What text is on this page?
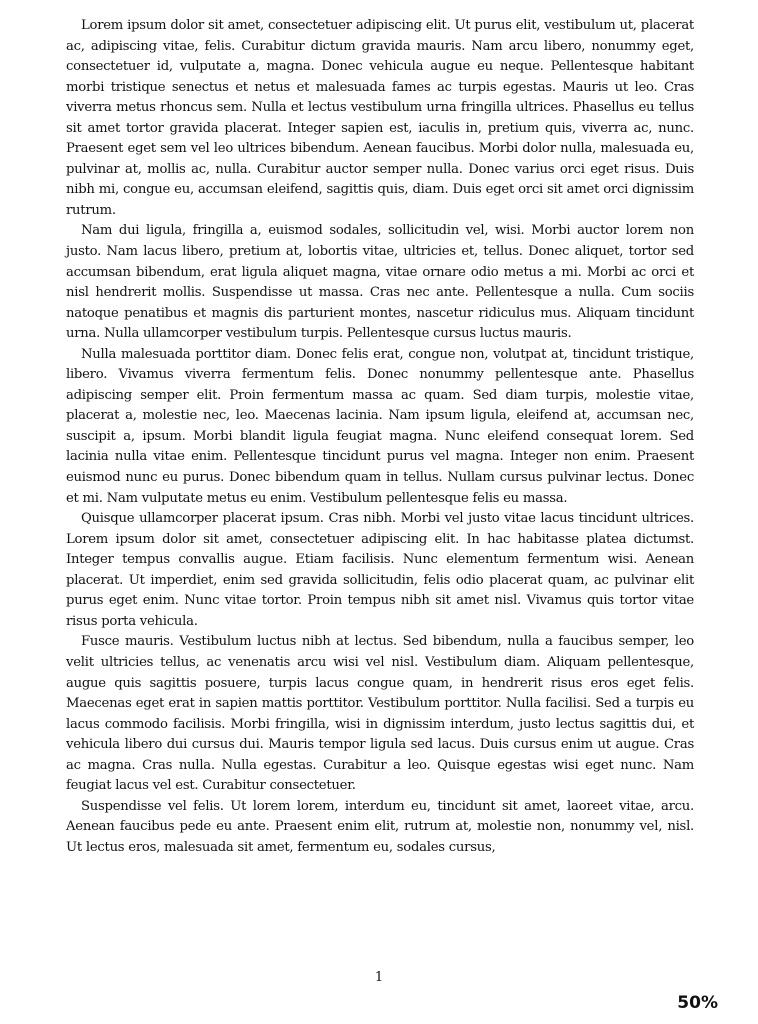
Lorem ipsum dolor sit amet, consectetuer adipiscing elit. Ut purus elit, vestibulum ut, placerat ac, adipiscing vitae, felis. Curabitur dictum gravida mauris. Nam arcu libero, nonummy eget, consectetuer id, vulputate a, magna. Donec vehicula augue eu neque. Pellentesque habitant morbi tristique senectus et netus et malesuada fames ac turpis egestas. Mauris ut leo. Cras viverra metus rhoncus sem. Nulla et lectus vestibulum urna fringilla ultrices. Phasellus eu tellus sit amet tortor gravida placerat. Integer sapien est, iaculis in, pretium quis, viverra ac, nunc. Praesent eget sem vel leo ultrices bibendum. Aenean faucibus. Morbi dolor nulla, malesuada eu, pulvinar at, mollis ac, nulla. Curabitur auctor semper nulla. Donec varius orci eget risus. Duis nibh mi, congue eu, accumsan eleifend, sagittis quis, diam. Duis eget orci sit amet orci dignissim rutrum.

Nam dui ligula, fringilla a, euismod sodales, sollicitudin vel, wisi. Morbi auctor lorem non justo. Nam lacus libero, pretium at, lobortis vitae, ultricies et, tellus. Donec aliquet, tortor sed accumsan bibendum, erat ligula aliquet magna, vitae ornare odio metus a mi. Morbi ac orci et nisl hendrerit mollis. Suspendisse ut massa. Cras nec ante. Pellentesque a nulla. Cum sociis natoque penatibus et magnis dis parturient montes, nascetur ridiculus mus. Aliquam tincidunt urna. Nulla ullamcorper vestibulum turpis. Pellentesque cursus luctus mauris.

Nulla malesuada porttitor diam. Donec felis erat, congue non, volutpat at, tincidunt tristique, libero. Vivamus viverra fermentum felis. Donec nonummy pellentesque ante. Phasellus adipiscing semper elit. Proin fermentum massa ac quam. Sed diam turpis, molestie vitae, placerat a, molestie nec, leo. Maecenas lacinia. Nam ipsum ligula, eleifend at, accumsan nec, suscipit a, ipsum. Morbi blandit ligula feugiat magna. Nunc eleifend consequat lorem. Sed lacinia nulla vitae enim. Pellentesque tincidunt purus vel magna. Integer non enim. Praesent euismod nunc eu purus. Donec bibendum quam in tellus. Nullam cursus pulvinar lectus. Donec et mi. Nam vulputate metus eu enim. Vestibulum pellentesque felis eu massa.

Quisque ullamcorper placerat ipsum. Cras nibh. Morbi vel justo vitae lacus tincidunt ultrices. Lorem ipsum dolor sit amet, consectetuer adipiscing elit. In hac habitasse platea dictumst. Integer tempus convallis augue. Etiam facilisis. Nunc elementum fermentum wisi. Aenean placerat. Ut imperdiet, enim sed gravida sollicitudin, felis odio placerat quam, ac pulvinar elit purus eget enim. Nunc vitae tortor. Proin tempus nibh sit amet nisl. Vivamus quis tortor vitae risus porta vehicula.

Fusce mauris. Vestibulum luctus nibh at lectus. Sed bibendum, nulla a faucibus semper, leo velit ultricies tellus, ac venenatis arcu wisi vel nisl. Vestibulum diam. Aliquam pellentesque, augue quis sagittis posuere, turpis lacus congue quam, in hendrerit risus eros eget felis. Maecenas eget erat in sapien mattis porttitor. Vestibulum porttitor. Nulla facilisi. Sed a turpis eu lacus commodo facilisis. Morbi fringilla, wisi in dignissim interdum, justo lectus sagittis dui, et vehicula libero dui cursus dui. Mauris tempor ligula sed lacus. Duis cursus enim ut augue. Cras ac magna. Cras nulla. Nulla egestas. Curabitur a leo. Quisque egestas wisi eget nunc. Nam feugiat lacus vel est. Curabitur consectetuer.

Suspendisse vel felis. Ut lorem lorem, interdum eu, tincidunt sit amet, laoreet vitae, arcu. Aenean faucibus pede eu ante. Praesent enim elit, rutrum at, molestie non, nonummy vel, nisl. Ut lectus eros, malesuada sit amet, fermentum eu, sodales cursus,

1
50%
